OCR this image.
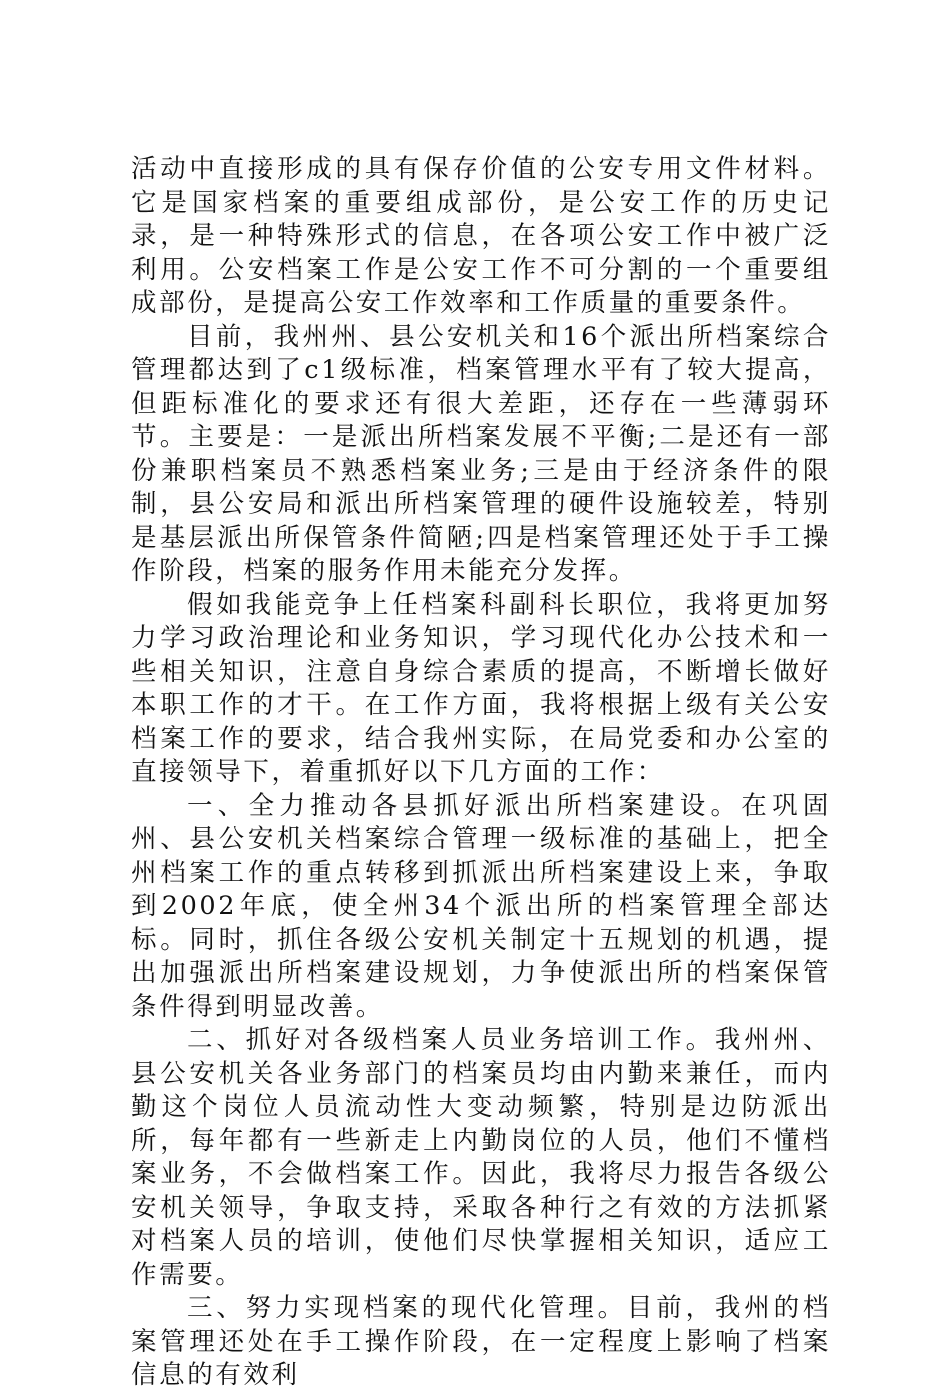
活动中直接形成的具有保存价值的公安专用文件材料。它是国家档案的重要组成部份，是公安工作的历史记录，是一种特殊形式的信息，在各项公安工作中被广泛利用。公安档案工作是公安工作不可分割的一个重要组成部份，是提高公安工作效率和工作质量的重要条件。

目前，我州州、县公安机关和16个派出所档案综合管理都达到了c1级标准，档案管理水平有了较大提高，但距标准化的要求还有很大差距，还存在一些薄弱环节。主要是：一是派出所档案发展不平衡;二是还有一部份兼职档案员不熟悉档案业务;三是由于经济条件的限制，县公安局和派出所档案管理的硬件设施较差，特别是基层派出所保管条件简陋;四是档案管理还处于手工操作阶段，档案的服务作用未能充分发挥。

假如我能竞争上任档案科副科长职位，我将更加努力学习政治理论和业务知识，学习现代化办公技术和一些相关知识，注意自身综合素质的提高，不断增长做好本职工作的才干。在工作方面，我将根据上级有关公安档案工作的要求，结合我州实际，在局党委和办公室的直接领导下，着重抓好以下几方面的工作：

一、全力推动各县抓好派出所档案建设。在巩固州、县公安机关档案综合管理一级标准的基础上，把全州档案工作的重点转移到抓派出所档案建设上来，争取到2002年底，使全州34个派出所的档案管理全部达标。同时，抓住各级公安机关制定十五规划的机遇，提出加强派出所档案建设规划，力争使派出所的档案保管条件得到明显改善。

二、抓好对各级档案人员业务培训工作。我州州、县公安机关各业务部门的档案员均由内勤来兼任，而内勤这个岗位人员流动性大变动频繁，特别是边防派出所，每年都有一些新走上内勤岗位的人员，他们不懂档案业务，不会做档案工作。因此，我将尽力报告各级公安机关领导，争取支持，采取各种行之有效的方法抓紧对档案人员的培训，使他们尽快掌握相关知识，适应工作需要。

三、努力实现档案的现代化管理。目前，我州的档案管理还处在手工操作阶段，在一定程度上影响了档案信息的有效利
